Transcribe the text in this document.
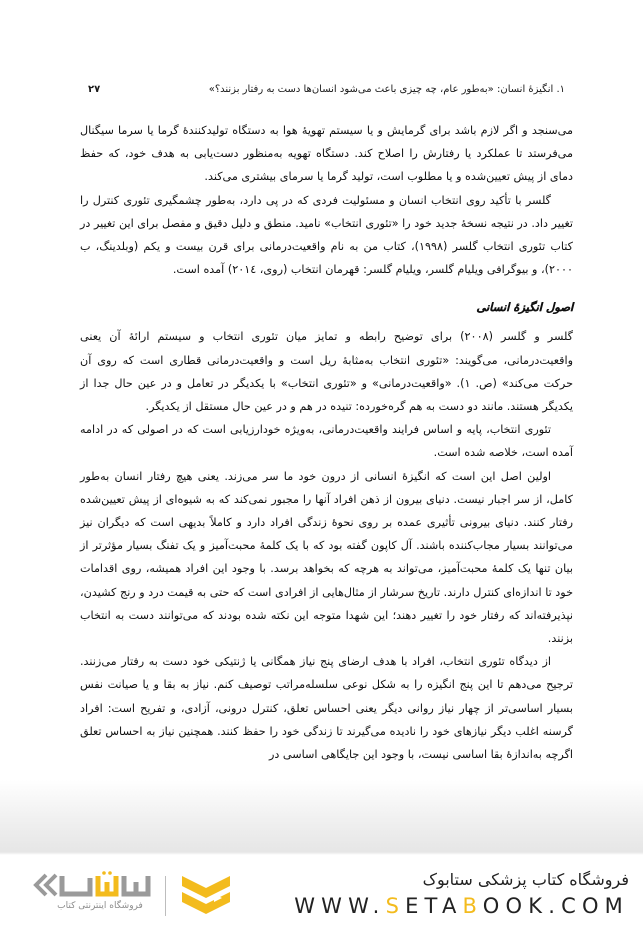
۱. انگیزهٔ انسان: «به‌طور عام، چه چیزی باعث می‌شود انسان‌ها دست به رفتار بزنند؟»
۲۷

می‌سنجد و اگر لازم باشد برای گرمایش و یا سیستم تهویهٔ هوا به دستگاه تولیدکنندهٔ گرما یا سرما سیگنال می‌فرستد تا عملکرد یا رفتارش را اصلاح کند. دستگاه تهویه به‌منظور دست‌یابی به هدف خود، که حفظ دمای از پیش تعیین‌شده و یا مطلوب است، تولید گرما یا سرمای بیشتری می‌کند.

گلسر با تأکید روی انتخاب انسان و مسئولیت فردی که در پی دارد، به‌طور چشمگیری تئوری کنترل را تغییر داد. در نتیجه نسخهٔ جدید خود را «تئوری انتخاب» نامید. منطق و دلیل دقیق و مفصل برای این تغییر در کتاب تئوری انتخاب گلسر (۱۹۹۸)، کتاب من به نام واقعیت‌درمانی برای قرن بیست و یکم (وبلدینگ، ب ۲۰۰۰)، و بیوگرافی ویلیام گلسر، ویلیام گلسر: قهرمان انتخاب (روی، ۲۰۱٤) آمده است.

اصول انگیزهٔ انسانی

گلسر و گلسر (۲۰۰۸) برای توضیح رابطه و تمایز میان تئوری انتخاب و سیستم ارائهٔ آن یعنی واقعیت‌درمانی، می‌گویند: «تئوری انتخاب به‌مثابهٔ ریل است و واقعیت‌درمانی قطاری است که روی آن حرکت می‌کند» (ص. ۱). «واقعیت‌درمانی» و «تئوری انتخاب» با یکدیگر در تعامل و در عین حال جدا از یکدیگر هستند. مانند دو دست به هم گره‌خورده: تنیده در هم و در عین حال مستقل از یکدیگر.

تئوری انتخاب، پایه و اساس فرایند واقعیت‌درمانی، به‌ویژه خودارزیابی است که در اصولی که در ادامه آمده است، خلاصه شده است.

اولین اصل این است که انگیزهٔ انسانی از درون خود ما سر می‌زند. یعنی هیچ رفتار انسان به‌طور کامل، از سر اجبار نیست. دنیای بیرون از ذهن افراد آنها را مجبور نمی‌کند که به شیوه‌ای از پیش تعیین‌شده رفتار کنند. دنیای بیرونی تأثیری عمده بر روی نحوهٔ زندگی افراد دارد و کاملاً بدیهی است که دیگران نیز می‌توانند بسیار مجاب‌کننده باشند. آل کاپون گفته بود که با یک کلمهٔ محبت‌آمیز و یک تفنگ بسیار مؤثرتر از بیان تنها یک کلمهٔ محبت‌آمیز، می‌تواند به هرچه که بخواهد برسد. با وجود این افراد همیشه، روی اقدامات خود تا اندازه‌ای کنترل دارند. تاریخ سرشار از مثال‌هایی از افرادی است که حتی به قیمت درد و رنج کشیدن، نپذیرفته‌اند که رفتار خود را تغییر دهند؛ این شهدا متوجه این نکته شده بودند که می‌توانند دست به انتخاب بزنند.

از دیدگاه تئوری انتخاب، افراد با هدف ارضای پنج نیاز همگانی یا ژنتیکی خود دست به رفتار می‌زنند. ترجیح می‌دهم تا این پنج انگیزه را به شکل نوعی سلسله‌مراتب توصیف کنم. نیاز به بقا و یا صیانت نفس بسیار اساسی‌تر از چهار نیاز روانی دیگر یعنی احساس تعلق، کنترل درونی، آزادی، و تفریح است: افراد گرسنه اغلب دیگر نیازهای خود را نادیده می‌گیرند تا زندگی خود را حفظ کنند. همچنین نیاز به احساس تعلق اگرچه به‌اندازهٔ بقا اساسی نیست، با وجود این جایگاهی اساسی در

فروشگاه اینترنتی کتاب
فروشگاه کتاب پزشکی ستابوک
WWW.SETABOOK.COM
